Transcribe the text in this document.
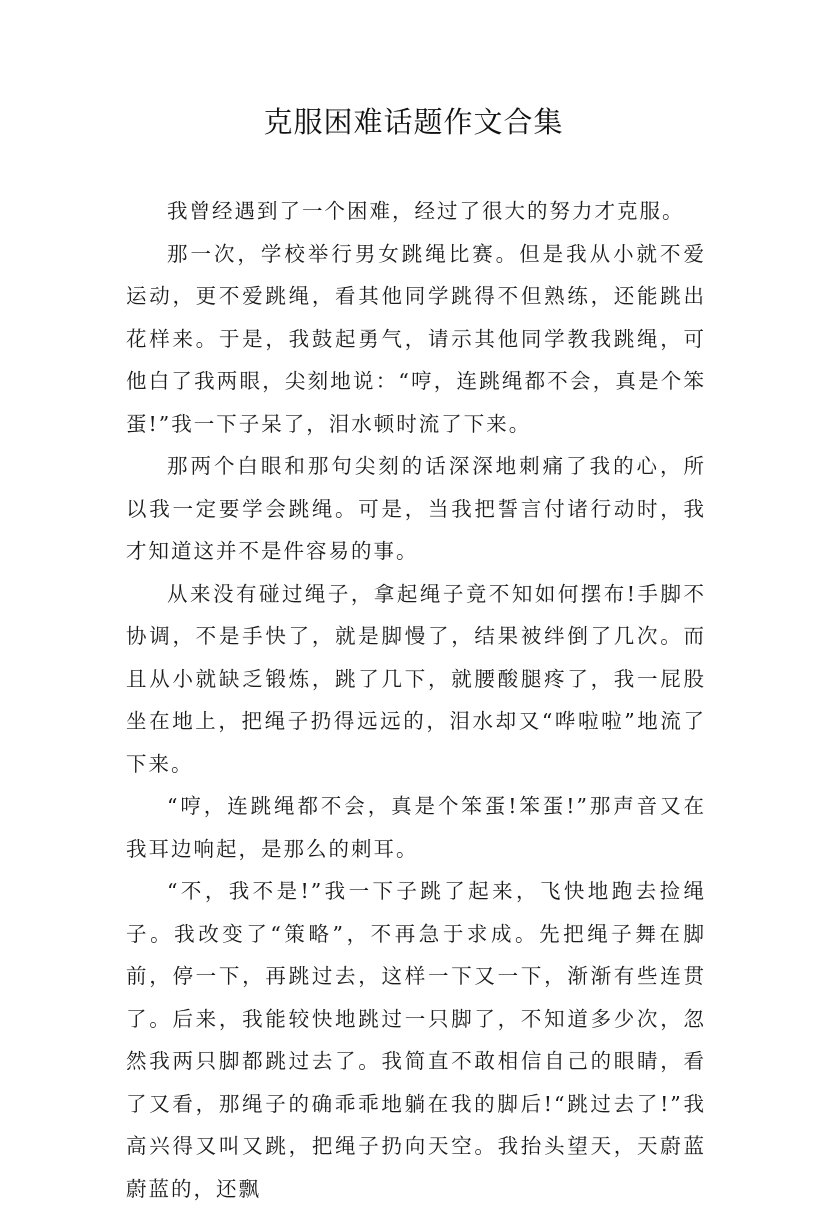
克服困难话题作文合集

我曾经遇到了一个困难，经过了很大的努力才克服。

那一次，学校举行男女跳绳比赛。但是我从小就不爱运动，更不爱跳绳，看其他同学跳得不但熟练，还能跳出花样来。于是，我鼓起勇气，请示其他同学教我跳绳，可他白了我两眼，尖刻地说：“哼，连跳绳都不会，真是个笨蛋!”我一下子呆了，泪水顿时流了下来。

那两个白眼和那句尖刻的话深深地刺痛了我的心，所以我一定要学会跳绳。可是，当我把誓言付诸行动时，我才知道这并不是件容易的事。

从来没有碰过绳子，拿起绳子竟不知如何摆布!手脚不协调，不是手快了，就是脚慢了，结果被绊倒了几次。而且从小就缺乏锻炼，跳了几下，就腰酸腿疼了，我一屁股坐在地上，把绳子扔得远远的，泪水却又“哗啦啦”地流了下来。

“哼，连跳绳都不会，真是个笨蛋!笨蛋!”那声音又在我耳边响起，是那么的刺耳。

“不，我不是!”我一下子跳了起来，飞快地跑去捡绳子。我改变了“策略”，不再急于求成。先把绳子舞在脚前，停一下，再跳过去，这样一下又一下，渐渐有些连贯了。后来，我能较快地跳过一只脚了，不知道多少次，忽然我两只脚都跳过去了。我简直不敢相信自己的眼睛，看了又看，那绳子的确乖乖地躺在我的脚后!“跳过去了!”我高兴得又叫又跳，把绳子扔向天空。我抬头望天，天蔚蓝蔚蓝的，还飘
